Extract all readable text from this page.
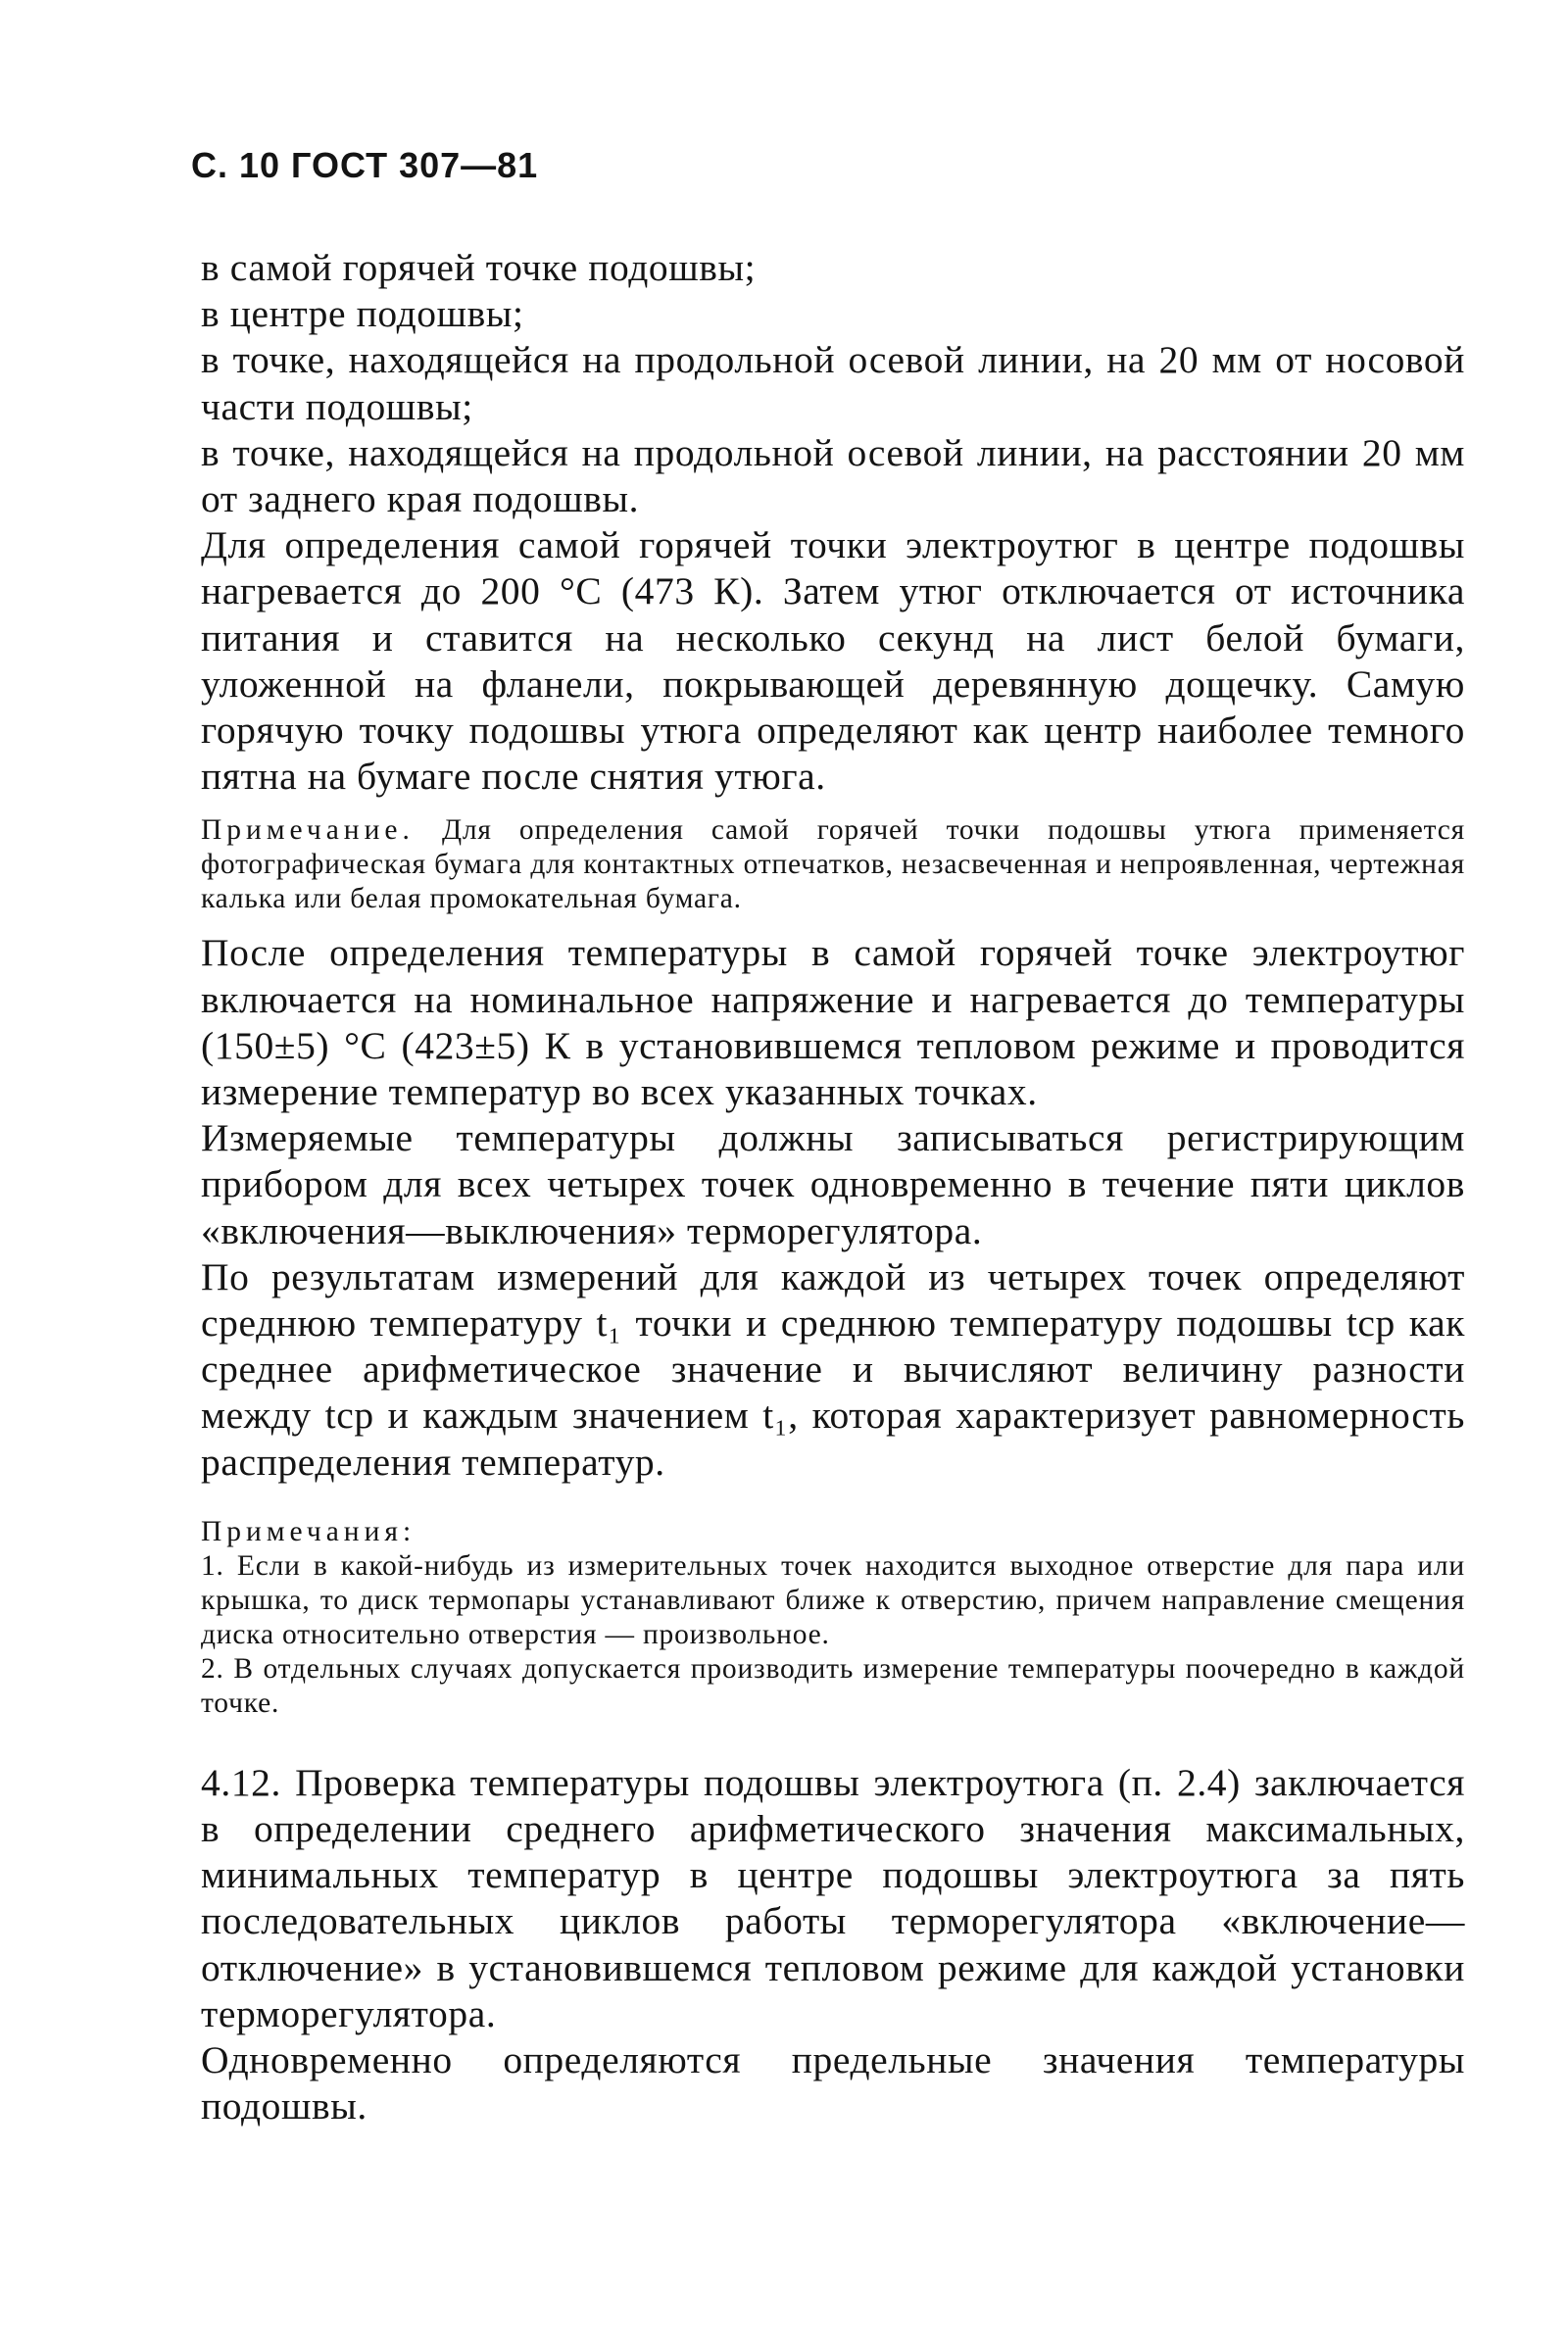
С. 10 ГОСТ 307—81

в самой горячей точке подошвы;

в центре подошвы;

в точке, находящейся на продольной осевой линии, на 20 мм от носовой части подошвы;

в точке, находящейся на продольной осевой линии, на расстоянии 20 мм от заднего края подошвы.

Для определения самой горячей точки электроутюг в центре подошвы нагревается до 200 °С (473 К). Затем утюг отключается от источника питания и ставится на несколько секунд на лист белой бумаги, уложенной на фланели, покрывающей деревянную дощечку. Самую горячую точку подошвы утюга определяют как центр наиболее темного пятна на бумаге после снятия утюга.

Примечание. Для определения самой горячей точки подошвы утюга применяется фотографическая бумага для контактных отпечатков, незасвеченная и непроявленная, чертежная калька или белая промокательная бумага.

После определения температуры в самой горячей точке электроутюг включается на номинальное напряжение и нагревается до температуры (150±5) °С (423±5) К в установившемся тепловом режиме и проводится измерение температур во всех указанных точках.

Измеряемые температуры должны записываться регистрирующим прибором для всех четырех точек одновременно в течение пяти циклов «включения—выключения» терморегулятора.

По результатам измерений для каждой из четырех точек определяют среднюю температуру t₁ точки и среднюю температуру подошвы tср как среднее арифметическое значение и вычисляют величину разности между tср и каждым значением t₁, которая характеризует равномерность распределения температур.

Примечания:

1. Если в какой-нибудь из измерительных точек находится выходное отверстие для пара или крышка, то диск термопары устанавливают ближе к отверстию, причем направление смещения диска относительно отверстия — произвольное.

2. В отдельных случаях допускается производить измерение температуры поочередно в каждой точке.

4.12. Проверка температуры подошвы электроутюга (п. 2.4) заключается в определении среднего арифметического значения максимальных, минимальных температур в центре подошвы электроутюга за пять последовательных циклов работы терморегулятора «включение—отключение» в установившемся тепловом режиме для каждой установки терморегулятора.

Одновременно определяются предельные значения температуры подошвы.
